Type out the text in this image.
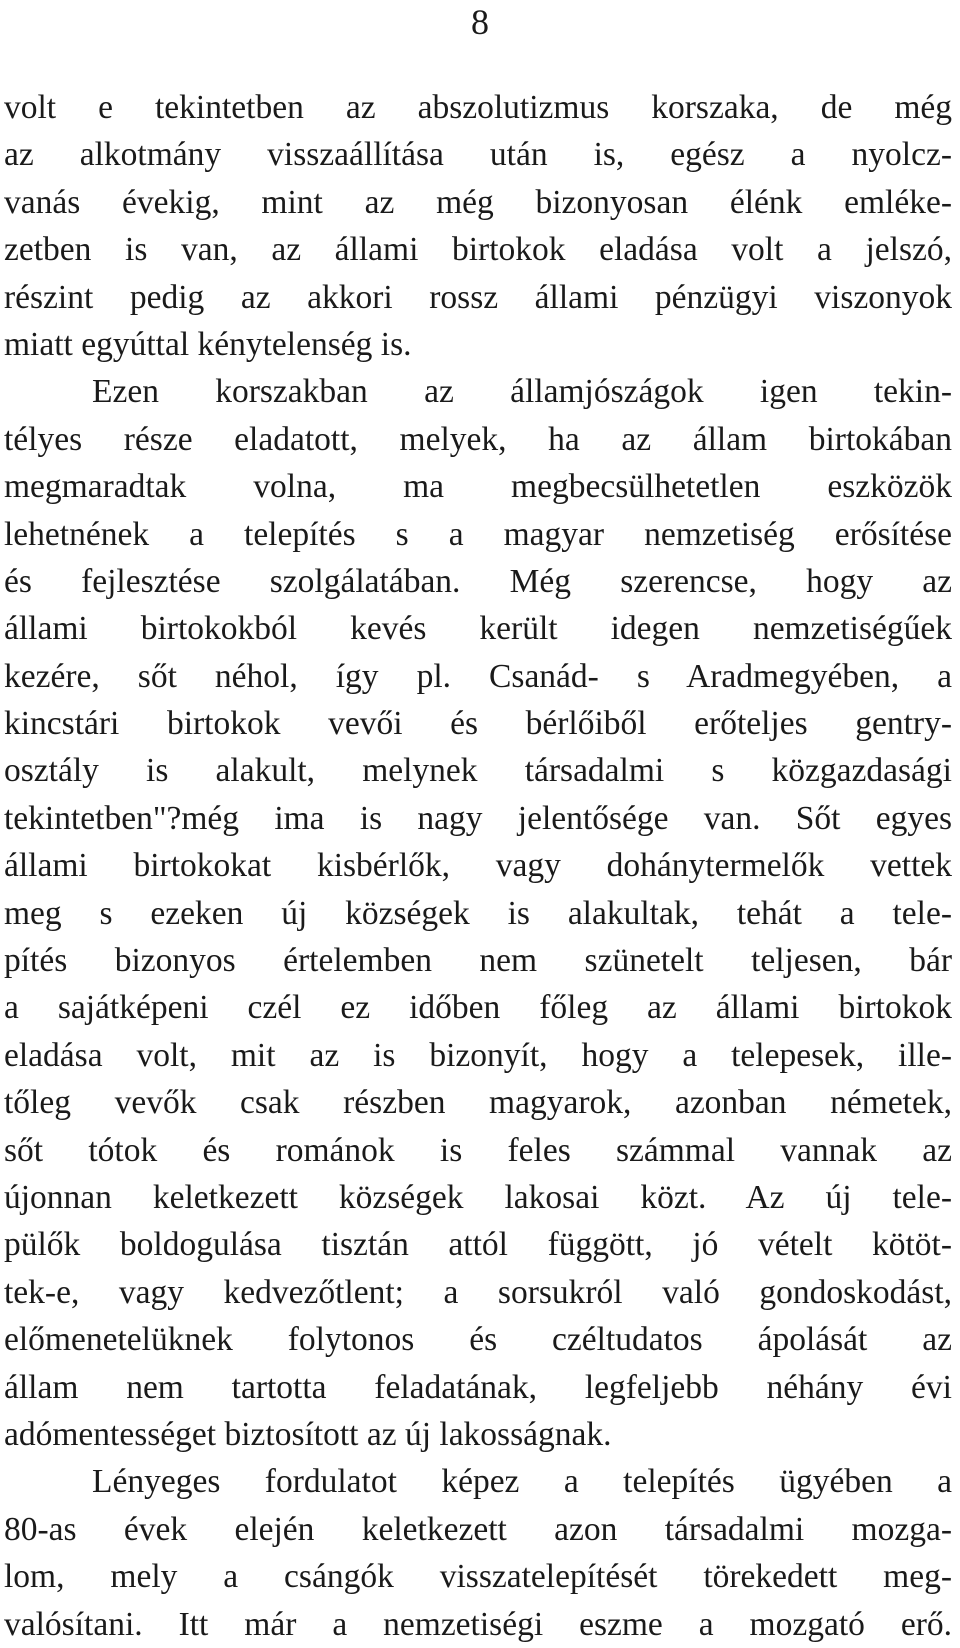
8
volt e tekintetben az abszolutizmus korszaka, de még
az alkotmány visszaállítása után is, egész a nyolcz-
vanás évekig, mint az még bizonyosan élénk emléke-
zetben is van, az állami birtokok eladása volt a jelszó,
részint pedig az akkori rossz állami pénzügyi viszonyok
miatt egyúttal kénytelenség is.
Ezen korszakban az államjószágok igen tekin-
télyes része eladatott, melyek, ha az állam birtokában
megmaradtak volna, ma megbecsülhetetlen eszközök
lehetnének a telepítés s a magyar nemzetiség erősítése
és fejlesztése szolgálatában. Még szerencse, hogy az
állami birtokokból kevés került idegen nemzetiségűek
kezére, sőt néhol, így pl. Csanád- s Aradmegyében, a
kincstári birtokok vevői és bérlőiből erőteljes gentry-
osztály is alakult, melynek társadalmi s közgazdasági
tekintetben"?még ima is nagy jelentősége van. Sőt egyes
állami birtokokat kisbérlők, vagy dohánytermelők vettek
meg s ezeken új községek is alakultak, tehát a tele-
pítés bizonyos értelemben nem szünetelt teljesen, bár
a sajátképeni czél ez időben főleg az állami birtokok
eladása volt, mit az is bizonyít, hogy a telepesek, ille-
tőleg vevők csak részben magyarok, azonban németek,
sőt tótok és románok is feles számmal vannak az
újonnan keletkezett községek lakosai közt. Az új tele-
pülők boldogulása tisztán attól függött, jó vételt kötöt-
tek-e, vagy kedvezőtlent; a sorsukról való gondoskodást,
előmenetelüknek folytonos és czéltudatos ápolását az
állam nem tartotta feladatának, legfeljebb néhány évi
adómentességet biztosított az új lakosságnak.
Lényeges fordulatot képez a telepítés ügyében a
80-as évek elején keletkezett azon társadalmi mozga-
lom, mely a csángók visszatelepítését törekedett meg-
valósítani. Itt már a nemzetiségi eszme a mozgató erő.
